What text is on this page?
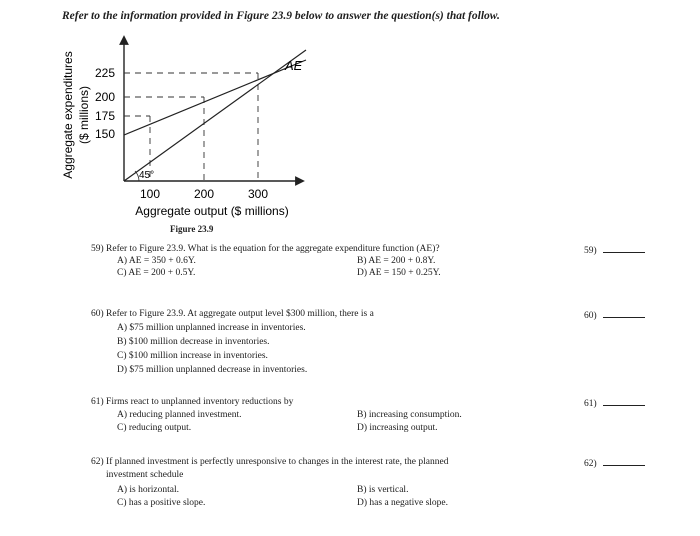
Refer to the information provided in Figure 23.9 below to answer the question(s) that follow.
45°
AE
225
200
175
150
100	200	300
Aggregate output ($ millions)
Aggregate expenditures ($ millions)
Figure 23.9
59) Refer to Figure 23.9. What is the equation for the aggregate expenditure function (AE)?
A) AE = 350 + 0.6Y.	B) AE = 200 + 0.8Y.
C) AE = 200 + 0.5Y.	D) AE = 150 + 0.25Y.
59)
60) Refer to Figure 23.9. At aggregate output level $300 million, there is a
A) $75 million unplanned increase in inventories.
B) $100 million decrease in inventories.
C) $100 million increase in inventories.
D) $75 million unplanned decrease in inventories.
60)
61) Firms react to unplanned inventory reductions by
A) reducing planned investment.	B) increasing consumption.
C) reducing output.	D) increasing output.
61)
62) If planned investment is perfectly unresponsive to changes in the interest rate, the planned
investment schedule
A) is horizontal.	B) is vertical.
C) has a positive slope.	D) has a negative slope.
62)
